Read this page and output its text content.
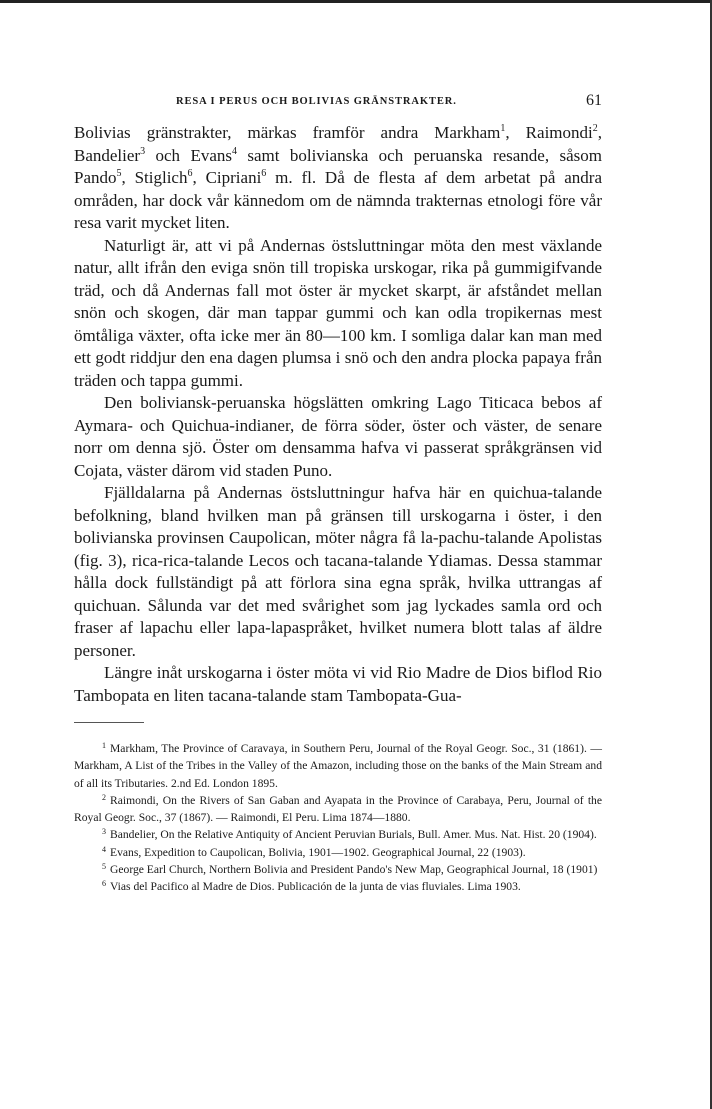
RESA I PERUS OCH BOLIVIAS GRÄNSTRAKTER.	61

Bolivias gränstrakter, märkas framför andra Markham$^1$, Raimondi$^2$, Bandelier$^3$ och Evans$^4$ samt bolivianska och peruanska resande, såsom Pando$^5$, Stiglich$^6$, Cipriani$^6$ m. fl. Då de flesta af dem arbetat på andra områden, har dock vår kännedom om de nämnda trakternas etnologi före vår resa varit mycket liten.

Naturligt är, att vi på Andernas östsluttningar möta den mest växlande natur, allt ifrån den eviga snön till tropiska urskogar, rika på gummigifvande träd, och då Andernas fall mot öster är mycket skarpt, är afståndet mellan snön och skogen, där man tappar gummi och kan odla tropikernas mest ömtåliga växter, ofta icke mer än 80—100 km. I somliga dalar kan man med ett godt riddjur den ena dagen plumsa i snö och den andra plocka papaya från träden och tappa gummi.

Den boliviansk-peruanska högslätten omkring Lago Titicaca bebos af Aymara- och Quichua-indianer, de förra söder, öster och väster, de senare norr om denna sjö. Öster om densamma hafva vi passerat språkgränsen vid Cojata, väster därom vid staden Puno.

Fjälldalarna på Andernas östsluttningur hafva här en quichua-talande befolkning, bland hvilken man på gränsen till urskogarna i öster, i den bolivianska provinsen Caupolican, möter några få la-pachu-talande Apolistas (fig. 3), rica-rica-talande Lecos och tacana-talande Ydiamas. Dessa stammar hålla dock fullständigt på att förlora sina egna språk, hvilka uttrangas af quichuan. Sålunda var det med svårighet som jag lyckades samla ord och fraser af lapachu eller lapa-lapaspråket, hvilket numera blott talas af äldre personer.

Längre inåt urskogarna i öster möta vi vid Rio Madre de Dios biflod Rio Tambopata en liten tacana-talande stam Tambopata-Gua-

$^1$ Markham, The Province of Caravaya, in Southern Peru, Journal of the Royal Geogr. Soc., 31 (1861). — Markham, A List of the Tribes in the Valley of the Amazon, including those on the banks of the Main Stream and of all its Tributaries. 2.nd Ed. London 1895.

$^2$ Raimondi, On the Rivers of San Gaban and Ayapata in the Province of Carabaya, Peru, Journal of the Royal Geogr. Soc., 37 (1867). — Raimondi, El Peru. Lima 1874—1880.

$^3$ Bandelier, On the Relative Antiquity of Ancient Peruvian Burials, Bull. Amer. Mus. Nat. Hist. 20 (1904).

$^4$ Evans, Expedition to Caupolican, Bolivia, 1901—1902. Geographical Journal, 22 (1903).

$^5$ George Earl Church, Northern Bolivia and President Pando's New Map, Geographical Journal, 18 (1901)

$^6$ Vias del Pacifico al Madre de Dios. Publicación de la junta de vias fluviales. Lima 1903.
